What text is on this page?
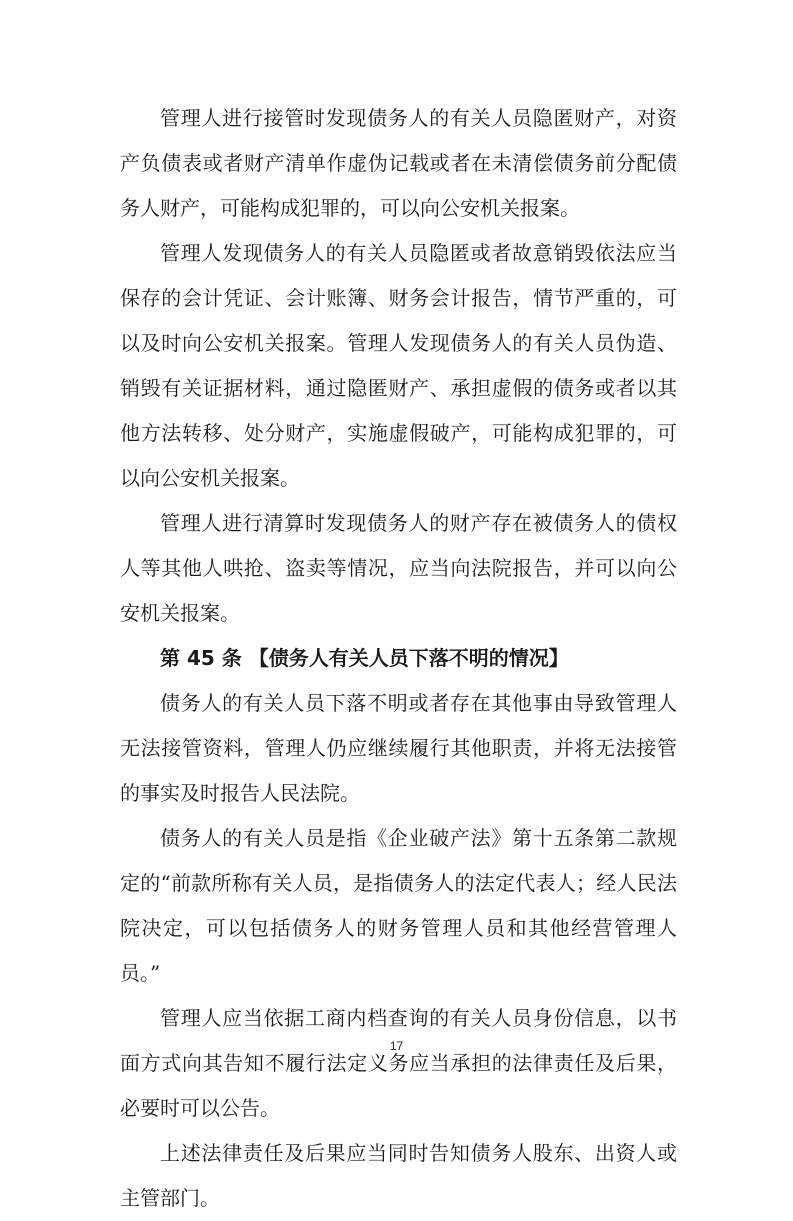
管理人进行接管时发现债务人的有关人员隐匿财产，对资产负债表或者财产清单作虚伪记载或者在未清偿债务前分配债务人财产，可能构成犯罪的，可以向公安机关报案。

管理人发现债务人的有关人员隐匿或者故意销毁依法应当保存的会计凭证、会计账簿、财务会计报告，情节严重的，可以及时向公安机关报案。管理人发现债务人的有关人员伪造、销毁有关证据材料，通过隐匿财产、承担虚假的债务或者以其他方法转移、处分财产，实施虚假破产，可能构成犯罪的，可以向公安机关报案。

管理人进行清算时发现债务人的财产存在被债务人的债权人等其他人哄抢、盗卖等情况，应当向法院报告，并可以向公安机关报案。

第 45 条 【债务人有关人员下落不明的情况】

债务人的有关人员下落不明或者存在其他事由导致管理人无法接管资料，管理人仍应继续履行其他职责，并将无法接管的事实及时报告人民法院。

债务人的有关人员是指《企业破产法》第十五条第二款规定的“前款所称有关人员，是指债务人的法定代表人；经人民法院决定，可以包括债务人的财务管理人员和其他经营管理人员。”

管理人应当依据工商内档查询的有关人员身份信息，以书面方式向其告知不履行法定义务应当承担的法律责任及后果，必要时可以公告。

上述法律责任及后果应当同时告知债务人股东、出资人或主管部门。

17
